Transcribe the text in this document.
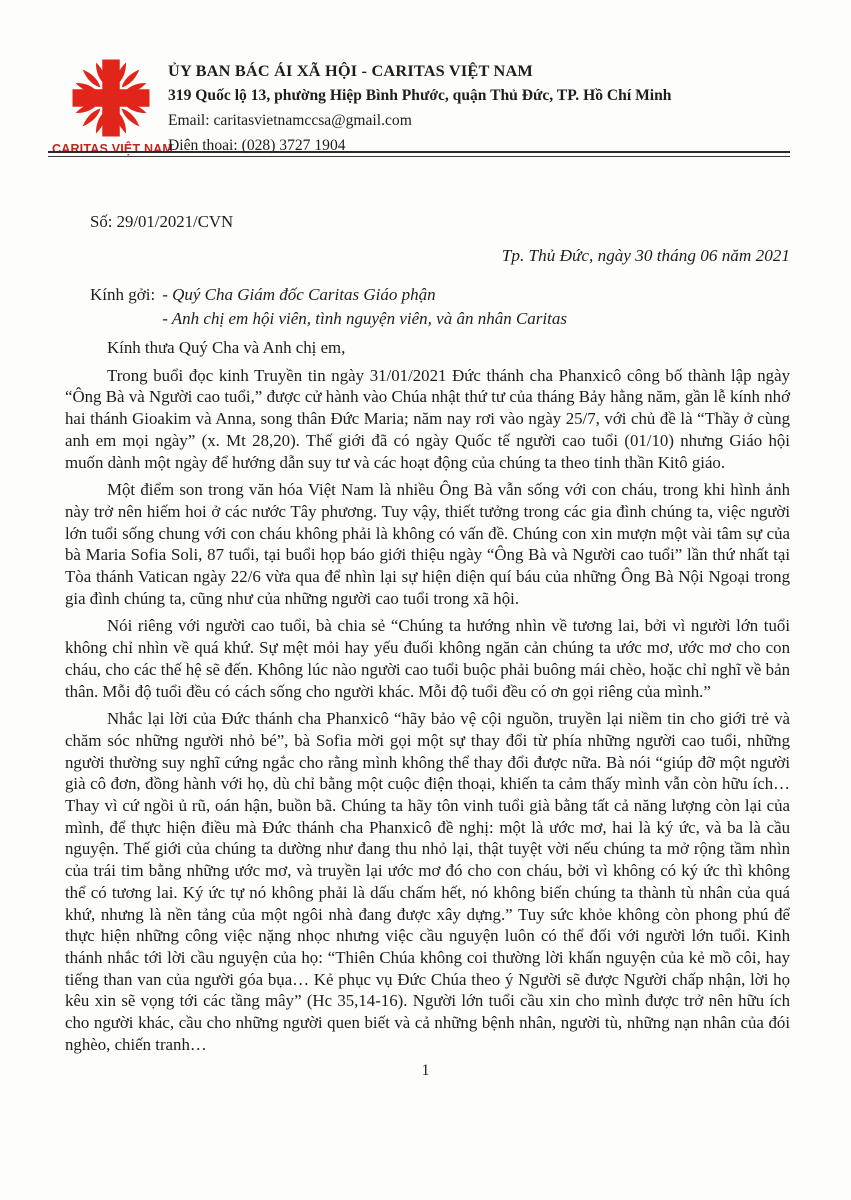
CARITAS VIỆT NAM
ỦY BAN BÁC ÁI XÃ HỘI - CARITAS VIỆT NAM
319 Quốc lộ 13, phường Hiệp Bình Phước, quận Thủ Đức, TP. Hồ Chí Minh
Email: caritasvietnamccsa@gmail.com
Điện thoại: (028) 3727 1904
Số: 29/01/2021/CVN
Tp. Thủ Đức, ngày 30 tháng 06 năm 2021
Kính gởi: - Quý Cha Giám đốc Caritas Giáo phận
- Anh chị em hội viên, tình nguyện viên, và ân nhân Caritas

Kính thưa Quý Cha và Anh chị em,

Trong buổi đọc kinh Truyền tin ngày 31/01/2021 Đức thánh cha Phanxicô công bố thành lập ngày “Ông Bà và Người cao tuổi,” được cử hành vào Chúa nhật thứ tư của tháng Bảy hằng năm, gần lễ kính nhớ hai thánh Gioakim và Anna, song thân Đức Maria; năm nay rơi vào ngày 25/7, với chủ đề là “Thầy ở cùng anh em mọi ngày” (x. Mt 28,20). Thế giới đã có ngày Quốc tế người cao tuổi (01/10) nhưng Giáo hội muốn dành một ngày để hướng dẫn suy tư và các hoạt động của chúng ta theo tinh thần Kitô giáo.

Một điểm son trong văn hóa Việt Nam là nhiều Ông Bà vẫn sống với con cháu, trong khi hình ảnh này trở nên hiếm hoi ở các nước Tây phương. Tuy vậy, thiết tưởng trong các gia đình chúng ta, việc người lớn tuổi sống chung với con cháu không phải là không có vấn đề. Chúng con xin mượn một vài tâm sự của bà Maria Sofia Soli, 87 tuổi, tại buổi họp báo giới thiệu ngày “Ông Bà và Người cao tuổi” lần thứ nhất tại Tòa thánh Vatican ngày 22/6 vừa qua để nhìn lại sự hiện diện quí báu của những Ông Bà Nội Ngoại trong gia đình chúng ta, cũng như của những người cao tuổi trong xã hội.

Nói riêng với người cao tuổi, bà chia sẻ “Chúng ta hướng nhìn về tương lai, bởi vì người lớn tuổi không chỉ nhìn về quá khứ. Sự mệt mỏi hay yếu đuối không ngăn cản chúng ta ước mơ, ước mơ cho con cháu, cho các thế hệ sẽ đến. Không lúc nào người cao tuổi buộc phải buông mái chèo, hoặc chỉ nghĩ về bản thân. Mỗi độ tuổi đều có cách sống cho người khác. Mỗi độ tuổi đều có ơn gọi riêng của mình.”

Nhắc lại lời của Đức thánh cha Phanxicô “hãy bảo vệ cội nguồn, truyền lại niềm tin cho giới trẻ và chăm sóc những người nhỏ bé”, bà Sofia mời gọi một sự thay đổi từ phía những người cao tuổi, những người thường suy nghĩ cứng ngắc cho rằng mình không thể thay đổi được nữa. Bà nói “giúp đỡ một người già cô đơn, đồng hành với họ, dù chỉ bằng một cuộc điện thoại, khiến ta cảm thấy mình vẫn còn hữu ích… Thay vì cứ ngồi ủ rũ, oán hận, buồn bã. Chúng ta hãy tôn vinh tuổi già bằng tất cả năng lượng còn lại của mình, để thực hiện điều mà Đức thánh cha Phanxicô đề nghị: một là ước mơ, hai là ký ức, và ba là cầu nguyện. Thế giới của chúng ta dường như đang thu nhỏ lại, thật tuyệt vời nếu chúng ta mở rộng tầm nhìn của trái tim bằng những ước mơ, và truyền lại ước mơ đó cho con cháu, bởi vì không có ký ức thì không thể có tương lai. Ký ức tự nó không phải là dấu chấm hết, nó không biến chúng ta thành tù nhân của quá khứ, nhưng là nền tảng của một ngôi nhà đang được xây dựng.” Tuy sức khỏe không còn phong phú để thực hiện những công việc nặng nhọc nhưng việc cầu nguyện luôn có thể đối với người lớn tuổi. Kinh thánh nhắc tới lời cầu nguyện của họ: “Thiên Chúa không coi thường lời khấn nguyện của kẻ mồ côi, hay tiếng than van của người góa bụa… Kẻ phục vụ Đức Chúa theo ý Người sẽ được Người chấp nhận, lời họ kêu xin sẽ vọng tới các tầng mây” (Hc 35,14-16). Người lớn tuổi cầu xin cho mình được trở nên hữu ích cho người khác, cầu cho những người quen biết và cả những bệnh nhân, người tù, những nạn nhân của đói nghèo, chiến tranh…

1
